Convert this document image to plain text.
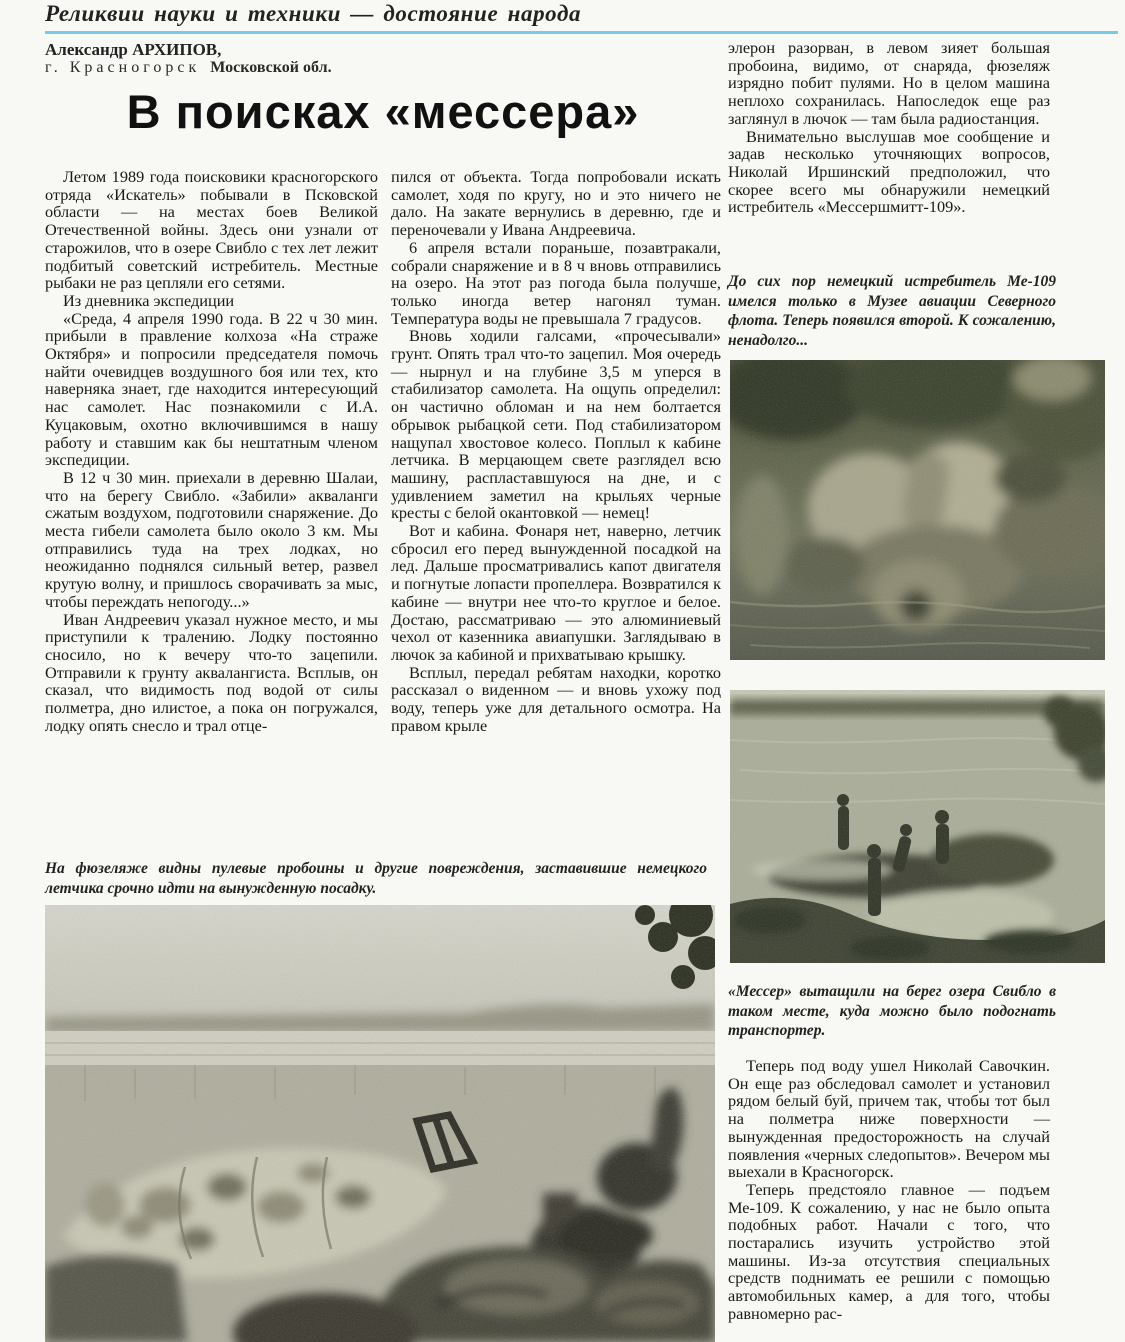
Реликвии науки и техники — достояние народа
Александр АРХИПОВ,
г. Красногорск Московской обл.
В поисках «мессера»

Летом 1989 года поисковики красногорского отряда «Искатель» побывали в Псковской области — на местах боев Великой Отечественной войны. Здесь они узнали от старожилов, что в озере Свибло с тех лет лежит подбитый советский истребитель. Местные рыбаки не раз цепляли его сетями.

Из дневника экспедиции

«Среда, 4 апреля 1990 года. В 22 ч 30 мин. прибыли в правление колхоза «На страже Октября» и попросили председателя помочь найти очевидцев воздушного боя или тех, кто наверняка знает, где находится интересующий нас самолет. Нас познакомили с И.А. Куцаковым, охотно включившимся в нашу работу и ставшим как бы нештатным членом экспедиции.

В 12 ч 30 мин. приехали в деревню Шалаи, что на берегу Свибло. «Забили» акваланги сжатым воздухом, подготовили снаряжение. До места гибели самолета было около 3 км. Мы отправились туда на трех лодках, но неожиданно поднялся сильный ветер, развел крутую волну, и пришлось сворачивать за мыс, чтобы переждать непогоду...»

Иван Андреевич указал нужное место, и мы приступили к тралению. Лодку постоянно сносило, но к вечеру что-то зацепили. Отправили к грунту аквалангиста. Всплыв, он сказал, что видимость под водой от силы полметра, дно илистое, а пока он погружался, лодку опять снесло и трал отце-

пился от объекта. Тогда попробовали искать самолет, ходя по кругу, но и это ничего не дало. На закате вернулись в деревню, где и переночевали у Ивана Андреевича.

6 апреля встали пораньше, позавтракали, собрали снаряжение и в 8 ч вновь отправились на озеро. На этот раз погода была получше, только иногда ветер нагонял туман. Температура воды не превышала 7 градусов.

Вновь ходили галсами, «прочесывали» грунт. Опять трал что-то зацепил. Моя очередь — нырнул и на глубине 3,5 м уперся в стабилизатор самолета. На ощупь определил: он частично обломан и на нем болтается обрывок рыбацкой сети. Под стабилизатором нащупал хвостовое колесо. Поплыл к кабине летчика. В мерцающем свете разглядел всю машину, распластавшуюся на дне, и с удивлением заметил на крыльях черные кресты с белой окантовкой — немец!

Вот и кабина. Фонаря нет, наверно, летчик сбросил его перед вынужденной посадкой на лед. Дальше просматривались капот двигателя и погнутые лопасти пропеллера. Возвратился к кабине — внутри нее что-то круглое и белое. Достаю, рассматриваю — это алюминиевый чехол от казенника авиапушки. Заглядываю в лючок за кабиной и прихватываю крышку.

Всплыл, передал ребятам находки, коротко рассказал о виденном — и вновь ухожу под воду, теперь уже для детального осмотра. На правом крыле

элерон разорван, в левом зияет большая пробоина, видимо, от снаряда, фюзеляж изрядно побит пулями. Но в целом машина неплохо сохранилась. Напоследок еще раз заглянул в лючок — там была радиостанция.

Внимательно выслушав мое сообщение и задав несколько уточняющих вопросов, Николай Иршинский предположил, что скорее всего мы обнаружили немецкий истребитель «Мессершмитт-109».

До сих пор немецкий истребитель Ме-109 имелся только в Музее авиации Северного флота. Теперь появился второй. К сожалению, ненадолго...
«Мессер» вытащили на берег озера Свибло в таком месте, куда можно было подогнать транспортер.

Теперь под воду ушел Николай Савочкин. Он еще раз обследовал самолет и установил рядом белый буй, причем так, чтобы тот был на полметра ниже поверхности — вынужденная предосторожность на случай появления «черных следопытов». Вечером мы выехали в Красногорск.

Теперь предстояло главное — подъем Ме-109. К сожалению, у нас не было опыта подобных работ. Начали с того, что постарались изучить устройство этой машины. Из-за отсутствия специальных средств поднимать ее решили с помощью автомобильных камер, а для того, чтобы равномерно рас-

На фюзеляже видны пулевые пробоины и другие повреждения, заставившие немецкого летчика срочно идти на вынужденную посадку.
